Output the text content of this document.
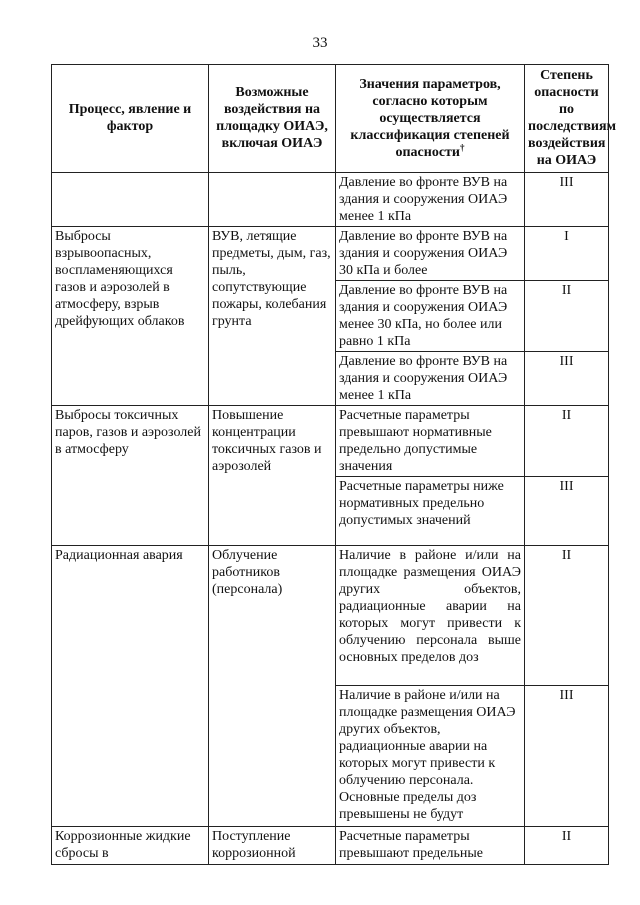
33
Процесс, явление и фактор	Возможные воздействия на площадку ОИАЭ, включая ОИАЭ	Значения параметров, согласно которым осуществляется классификация степеней опасности†	Степень опасности по последствиям воздействия на ОИАЭ
		Давление во фронте ВУВ на здания и сооружения ОИАЭ менее 1 кПа	III
Выбросы взрывоопасных, воспламеняющихся газов и аэрозолей в атмосферу, взрыв дрейфующих облаков	ВУВ, летящие предметы, дым, газ, пыль, сопутствующие пожары, колебания грунта	Давление во фронте ВУВ на здания и сооружения ОИАЭ 30 кПа и более	I
		Давление во фронте ВУВ на здания и сооружения ОИАЭ менее 30 кПа, но более или равно 1 кПа	II
		Давление во фронте ВУВ на здания и сооружения ОИАЭ менее 1 кПа	III
Выбросы токсичных паров, газов и аэрозолей в атмосферу	Повышение концентрации токсичных газов и аэрозолей	Расчетные параметры превышают нормативные предельно допустимые значения	II
		Расчетные параметры ниже нормативных предельно допустимых значений	III
Радиационная авария	Облучение работников (персонала)	Наличие в районе и/или на площадке размещения ОИАЭ других объектов, радиационные аварии на которых могут привести к облучению персонала выше основных пределов доз	II
		Наличие в районе и/или на площадке размещения ОИАЭ других объектов, радиационные аварии на которых могут привести к облучению персонала. Основные пределы доз превышены не будут	III
Коррозионные жидкие сбросы в	Поступление коррозионной	Расчетные параметры превышают предельные	II
